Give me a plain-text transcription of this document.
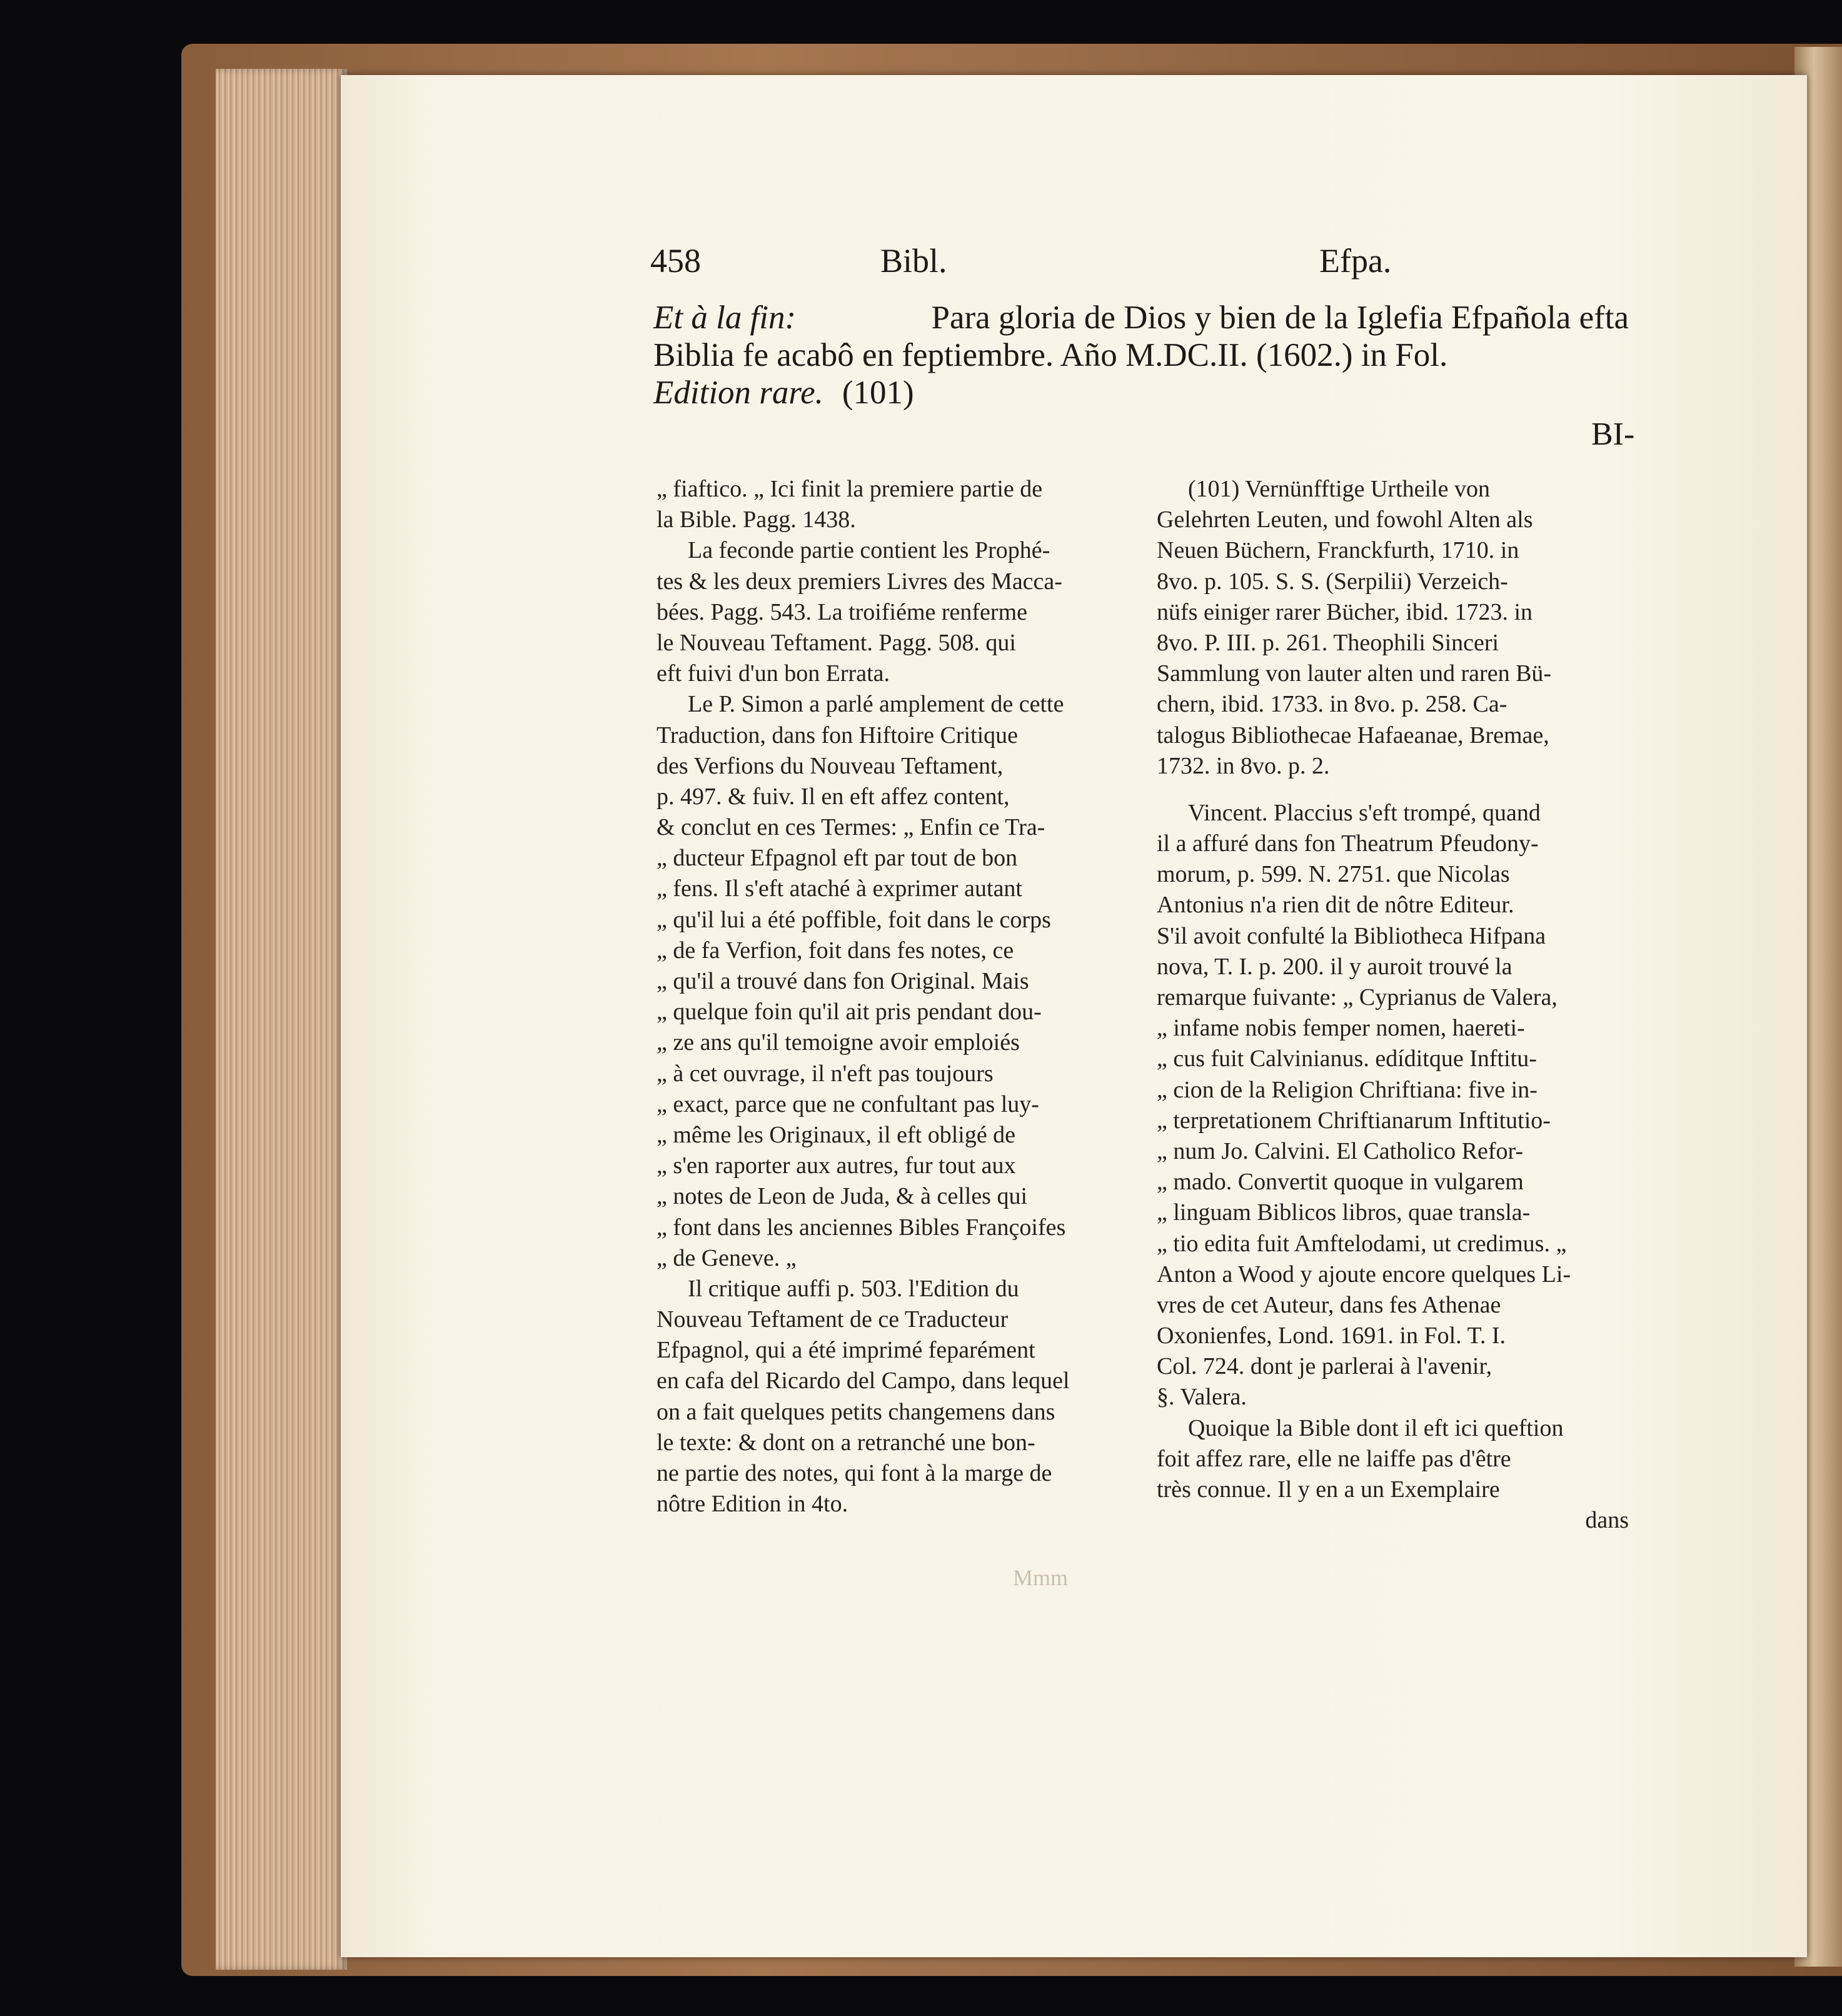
458	Bibl.	Efpa.
Et à la fin:	Para gloria de Dios y bien de la Iglefia Efpañola efta
Biblia fe acabô en feptiembre. Año M.DC.II. (1602.) in Fol.
Edition rare. (101)
BI-
„ fiaftico. „ Ici finit la premiere partie de
la Bible. Pagg. 1438.
La feconde partie contient les Prophé-
tes & les deux premiers Livres des Macca-
bées. Pagg. 543. La troifiéme renferme
le Nouveau Teftament. Pagg. 508. qui
eft fuivi d'un bon Errata.
Le P. Simon a parlé amplement de cette
Traduction, dans fon Hiftoire Critique
des Verfions du Nouveau Teftament,
p. 497. & fuiv. Il en eft affez content,
& conclut en ces Termes: „ Enfin ce Tra-
„ ducteur Efpagnol eft par tout de bon
„ fens. Il s'eft ataché à exprimer autant
„ qu'il lui a été poffible, foit dans le corps
„ de fa Verfion, foit dans fes notes, ce
„ qu'il a trouvé dans fon Original. Mais
„ quelque foin qu'il ait pris pendant dou-
„ ze ans qu'il temoigne avoir emploiés
„ à cet ouvrage, il n'eft pas toujours
„ exact, parce que ne confultant pas luy-
„ même les Originaux, il eft obligé de
„ s'en raporter aux autres, fur tout aux
„ notes de Leon de Juda, & à celles qui
„ font dans les anciennes Bibles Françoifes
„ de Geneve. „
Il critique auffi p. 503. l'Edition du
Nouveau Teftament de ce Traducteur
Efpagnol, qui a été imprimé feparément
en cafa del Ricardo del Campo, dans lequel
on a fait quelques petits changemens dans
le texte: & dont on a retranché une bon-
ne partie des notes, qui font à la marge de
nôtre Edition in 4to.
(101) Vernünfftige Urtheile von
Gelehrten Leuten, und fowohl Alten als
Neuen Büchern, Franckfurth, 1710. in
8vo. p. 105. S. S. (Serpilii) Verzeich-
nüfs einiger rarer Bücher, ibid. 1723. in
8vo. P. III. p. 261. Theophili Sinceri
Sammlung von lauter alten und raren Bü-
chern, ibid. 1733. in 8vo. p. 258. Ca-
talogus Bibliothecae Hafaeanae, Bremae,
1732. in 8vo. p. 2.
Vincent. Placcius s'eft trompé, quand
il a affuré dans fon Theatrum Pfeudony-
morum, p. 599. N. 2751. que Nicolas
Antonius n'a rien dit de nôtre Editeur.
S'il avoit confulté la Bibliotheca Hifpana
nova, T. I. p. 200. il y auroit trouvé la
remarque fuivante: „ Cyprianus de Valera,
„ infame nobis femper nomen, haereti-
„ cus fuit Calvinianus. edíditque Inftitu-
„ cion de la Religion Chriftiana: five in-
„ terpretationem Chriftianarum Inftitutio-
„ num Jo. Calvini. El Catholico Refor-
„ mado. Convertit quoque in vulgarem
„ linguam Biblicos libros, quae transla-
„ tio edita fuit Amftelodami, ut credimus. „
Anton a Wood y ajoute encore quelques Li-
vres de cet Auteur, dans fes Athenae
Oxonienfes, Lond. 1691. in Fol. T. I.
Col. 724. dont je parlerai à l'avenir,
§. Valera.
Quoique la Bible dont il eft ici queftion
foit affez rare, elle ne laiffe pas d'être
très connue. Il y en a un Exemplaire
dans
Mmm
